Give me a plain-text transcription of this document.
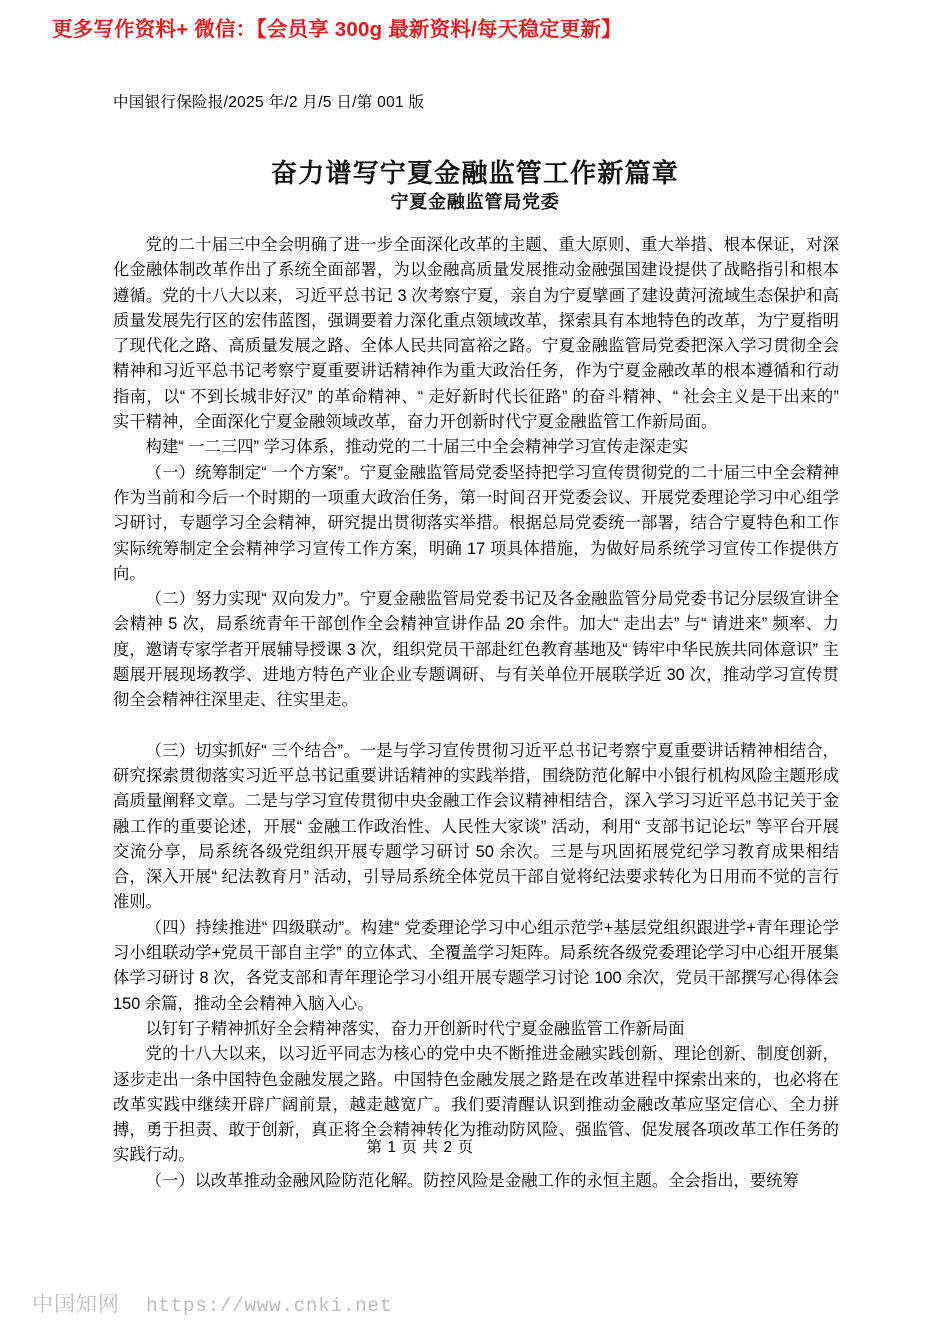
更多写作资料+ 微信：【会员享 300g 最新资料/每天稳定更新】
中国银行保险报/2025 年/2 月/5 日/第 001 版
奋力谱写宁夏金融监管工作新篇章
宁夏金融监管局党委

党的二十届三中全会明确了进一步全面深化改革的主题、重大原则、重大举措、根本保证，对深化金融体制改革作出了系统全面部署，为以金融高质量发展推动金融强国建设提供了战略指引和根本遵循。党的十八大以来，习近平总书记 3 次考察宁夏，亲自为宁夏擘画了建设黄河流域生态保护和高质量发展先行区的宏伟蓝图，强调要着力深化重点领域改革，探索具有本地特色的改革，为宁夏指明了现代化之路、高质量发展之路、全体人民共同富裕之路。宁夏金融监管局党委把深入学习贯彻全会精神和习近平总书记考察宁夏重要讲话精神作为重大政治任务，作为宁夏金融改革的根本遵循和行动指南，以“ 不到长城非好汉” 的革命精神、“ 走好新时代长征路” 的奋斗精神、“ 社会主义是干出来的” 实干精神，全面深化宁夏金融领域改革，奋力开创新时代宁夏金融监管工作新局面。

构建“ 一二三四” 学习体系，推动党的二十届三中全会精神学习宣传走深走实

（一）统筹制定“ 一个方案”。宁夏金融监管局党委坚持把学习宣传贯彻党的二十届三中全会精神作为当前和今后一个时期的一项重大政治任务，第一时间召开党委会议、开展党委理论学习中心组学习研讨，专题学习全会精神，研究提出贯彻落实举措。根据总局党委统一部署，结合宁夏特色和工作实际统筹制定全会精神学习宣传工作方案，明确 17 项具体措施，为做好局系统学习宣传工作提供方向。

（二）努力实现“ 双向发力”。宁夏金融监管局党委书记及各金融监管分局党委书记分层级宣讲全会精神 5 次，局系统青年干部创作全会精神宣讲作品 20 余件。加大“ 走出去” 与“ 请进来” 频率、力度，邀请专家学者开展辅导授课 3 次，组织党员干部赴红色教育基地及“ 铸牢中华民族共同体意识” 主题展开展现场教学、进地方特色产业企业专题调研、与有关单位开展联学近 30 次，推动学习宣传贯彻全会精神往深里走、往实里走。

（三）切实抓好“ 三个结合”。一是与学习宣传贯彻习近平总书记考察宁夏重要讲话精神相结合，研究探索贯彻落实习近平总书记重要讲话精神的实践举措，围绕防范化解中小银行机构风险主题形成高质量阐释文章。二是与学习宣传贯彻中央金融工作会议精神相结合，深入学习习近平总书记关于金融工作的重要论述，开展“ 金融工作政治性、人民性大家谈” 活动，利用“ 支部书记论坛” 等平台开展交流分享，局系统各级党组织开展专题学习研讨 50 余次。三是与巩固拓展党纪学习教育成果相结合，深入开展“ 纪法教育月” 活动，引导局系统全体党员干部自觉将纪法要求转化为日用而不觉的言行准则。

（四）持续推进“ 四级联动”。构建“ 党委理论学习中心组示范学+基层党组织跟进学+青年理论学习小组联动学+党员干部自主学” 的立体式、全覆盖学习矩阵。局系统各级党委理论学习中心组开展集体学习研讨 8 次，各党支部和青年理论学习小组开展专题学习讨论 100 余次，党员干部撰写心得体会 150 余篇，推动全会精神入脑入心。

以钉钉子精神抓好全会精神落实，奋力开创新时代宁夏金融监管工作新局面

党的十八大以来，以习近平同志为核心的党中央不断推进金融实践创新、理论创新、制度创新，逐步走出一条中国特色金融发展之路。中国特色金融发展之路是在改革进程中探索出来的，也必将在改革实践中继续开辟广阔前景，越走越宽广。我们要清醒认识到推动金融改革应坚定信心、全力拼搏，勇于担责、敢于创新，真正将全会精神转化为推动防风险、强监管、促发展各项改革工作任务的实践行动。

（一）以改革推动金融风险防范化解。防控风险是金融工作的永恒主题。全会指出，要统筹

第 1 页 共 2 页
中国知网 https://www.cnki.net
